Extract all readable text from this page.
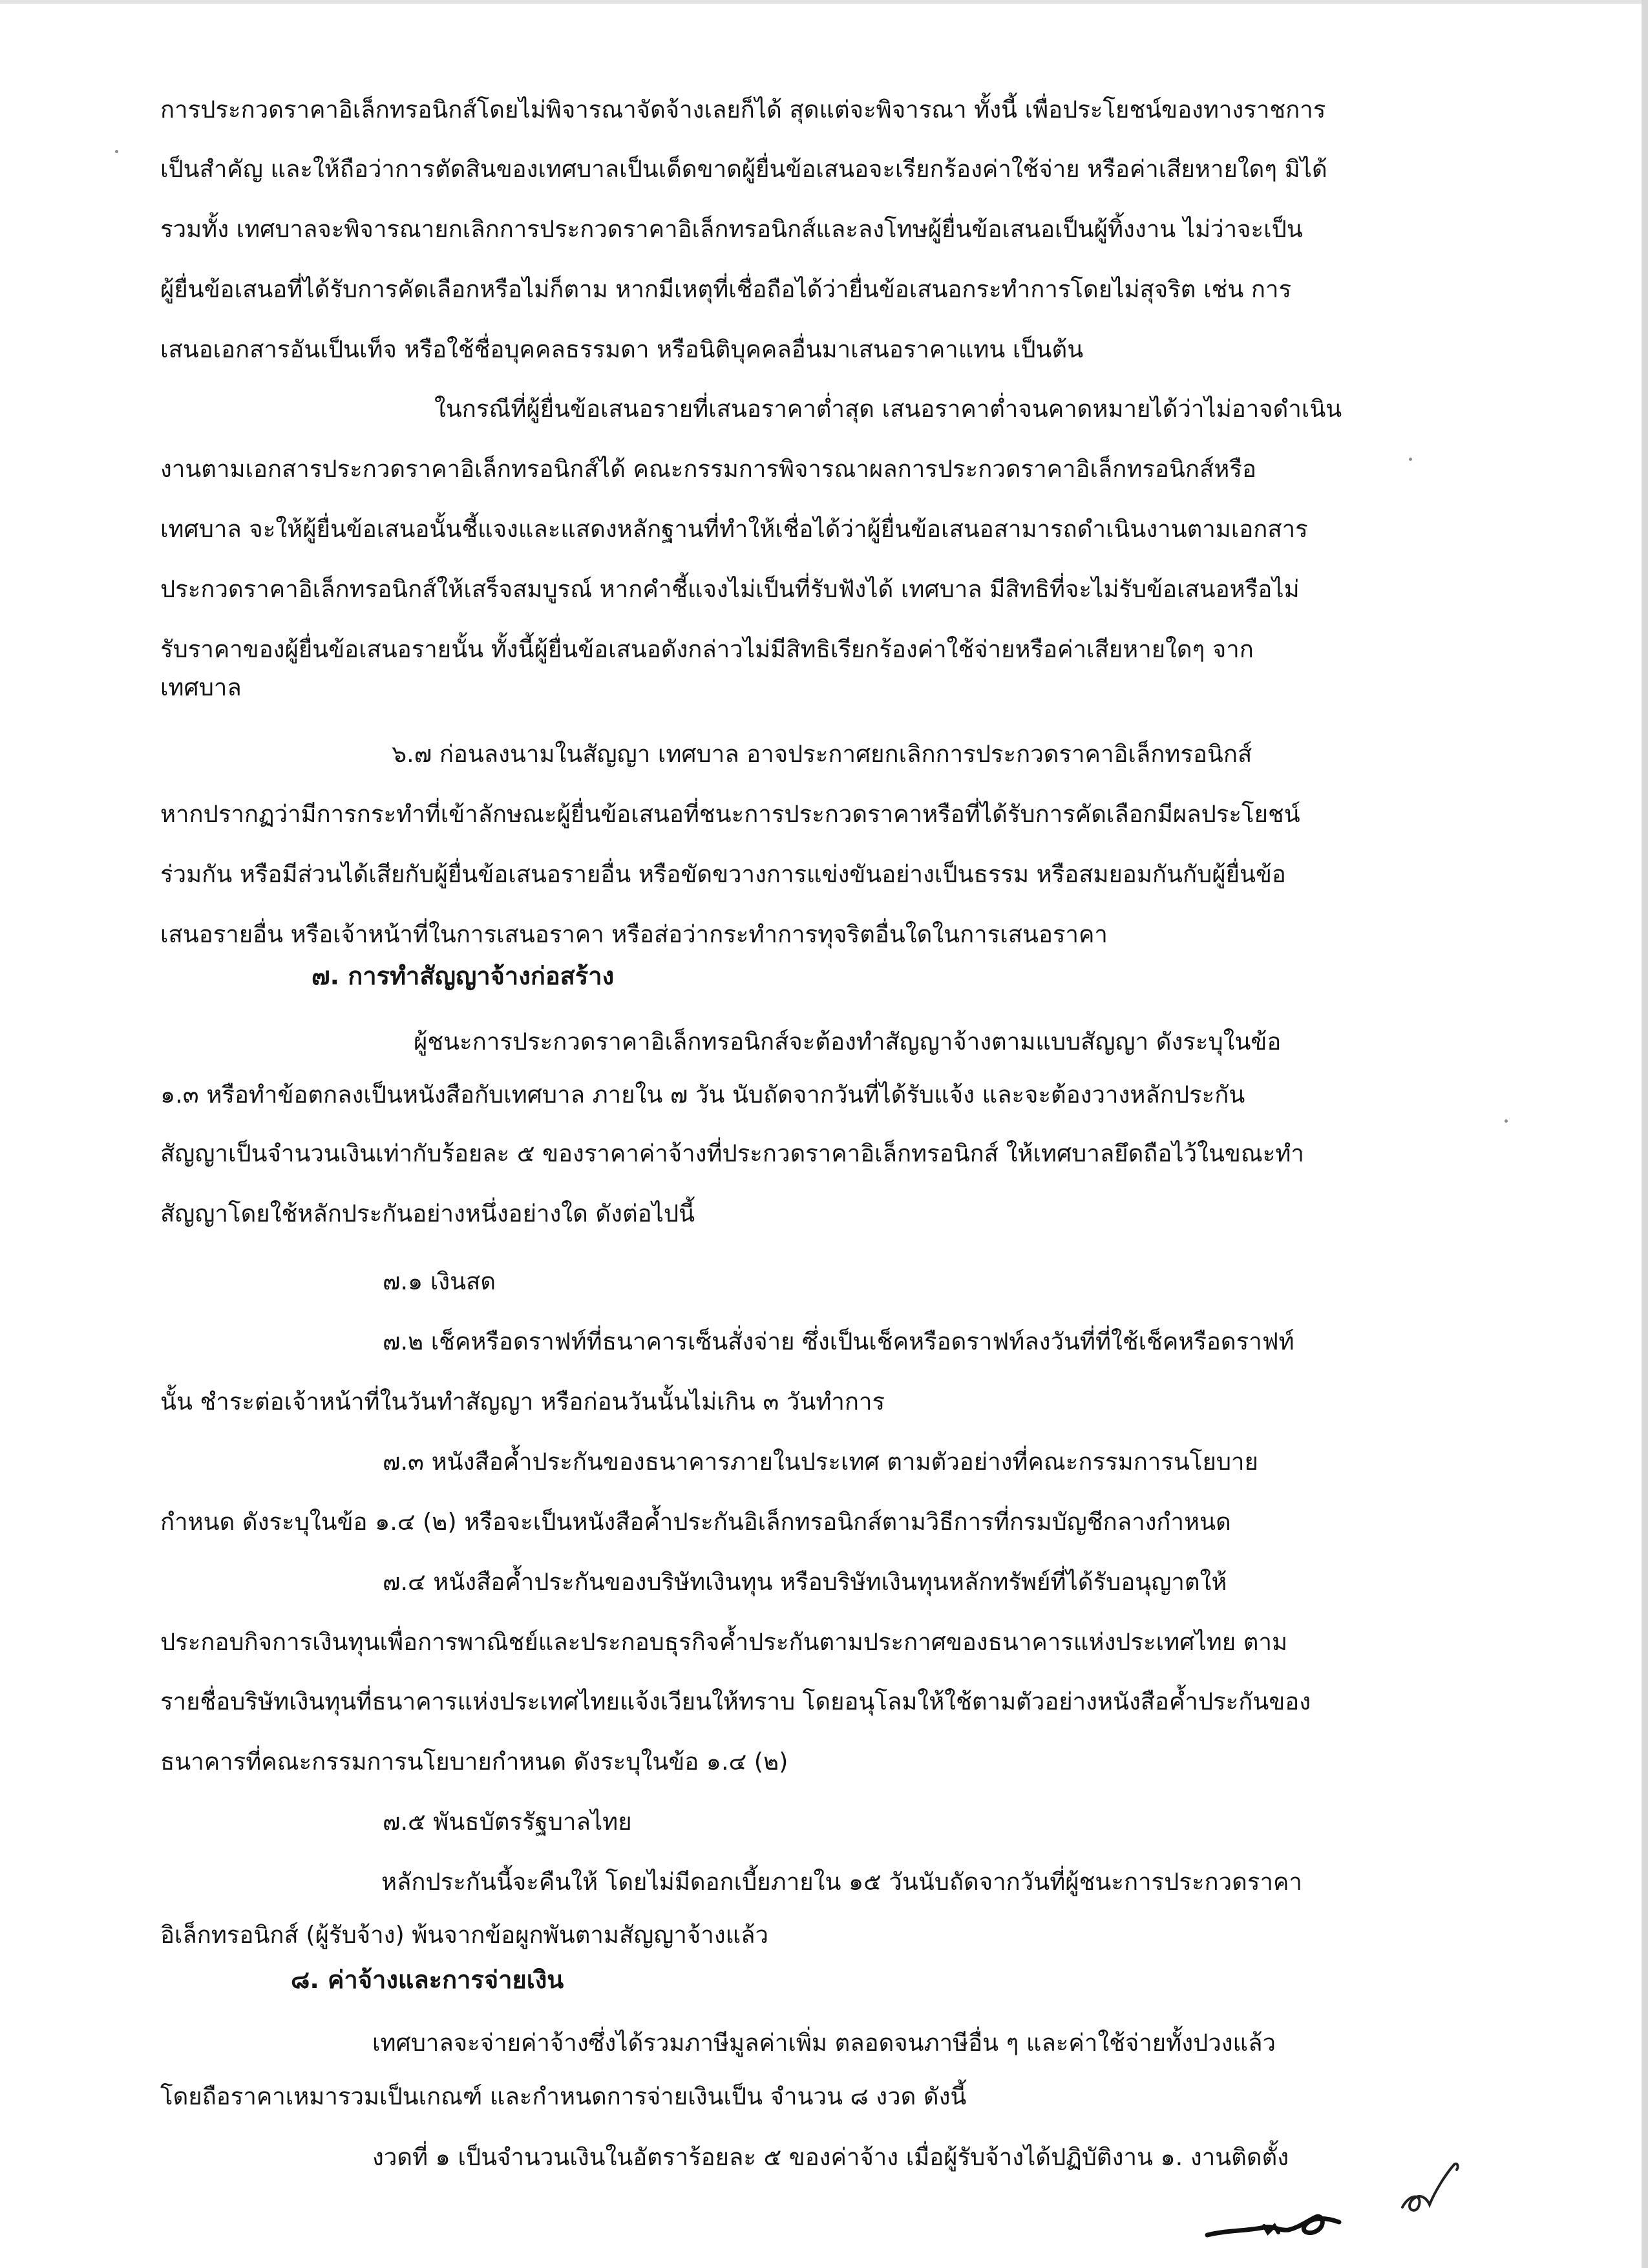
การประกวดราคาอิเล็กทรอนิกส์โดยไม่พิจารณาจัดจ้างเลยก็ได้ สุดแต่จะพิจารณา ทั้งนี้ เพื่อประโยชน์ของทางราชการ
เป็นสำคัญ และให้ถือว่าการตัดสินของเทศบาลเป็นเด็ดขาดผู้ยื่นข้อเสนอจะเรียกร้องค่าใช้จ่าย หรือค่าเสียหายใดๆ มิได้
รวมทั้ง เทศบาลจะพิจารณายกเลิกการประกวดราคาอิเล็กทรอนิกส์และลงโทษผู้ยื่นข้อเสนอเป็นผู้ทิ้งงาน ไม่ว่าจะเป็น
ผู้ยื่นข้อเสนอที่ได้รับการคัดเลือกหรือไม่ก็ตาม หากมีเหตุที่เชื่อถือได้ว่ายื่นข้อเสนอกระทำการโดยไม่สุจริต เช่น การ
เสนอเอกสารอันเป็นเท็จ หรือใช้ชื่อบุคคลธรรมดา หรือนิติบุคคลอื่นมาเสนอราคาแทน เป็นต้น
ในกรณีที่ผู้ยื่นข้อเสนอรายที่เสนอราคาต่ำสุด เสนอราคาต่ำจนคาดหมายได้ว่าไม่อาจดำเนิน
งานตามเอกสารประกวดราคาอิเล็กทรอนิกส์ได้ คณะกรรมการพิจารณาผลการประกวดราคาอิเล็กทรอนิกส์หรือ
เทศบาล จะให้ผู้ยื่นข้อเสนอนั้นชี้แจงและแสดงหลักฐานที่ทำให้เชื่อได้ว่าผู้ยื่นข้อเสนอสามารถดำเนินงานตามเอกสาร
ประกวดราคาอิเล็กทรอนิกส์ให้เสร็จสมบูรณ์ หากคำชี้แจงไม่เป็นที่รับฟังได้ เทศบาล มีสิทธิที่จะไม่รับข้อเสนอหรือไม่
รับราคาของผู้ยื่นข้อเสนอรายนั้น ทั้งนี้ผู้ยื่นข้อเสนอดังกล่าวไม่มีสิทธิเรียกร้องค่าใช้จ่ายหรือค่าเสียหายใดๆ จาก
เทศบาล
๖.๗ ก่อนลงนามในสัญญา เทศบาล อาจประกาศยกเลิกการประกวดราคาอิเล็กทรอนิกส์
หากปรากฏว่ามีการกระทำที่เข้าลักษณะผู้ยื่นข้อเสนอที่ชนะการประกวดราคาหรือที่ได้รับการคัดเลือกมีผลประโยชน์
ร่วมกัน หรือมีส่วนได้เสียกับผู้ยื่นข้อเสนอรายอื่น หรือขัดขวางการแข่งขันอย่างเป็นธรรม หรือสมยอมกันกับผู้ยื่นข้อ
เสนอรายอื่น หรือเจ้าหน้าที่ในการเสนอราคา หรือส่อว่ากระทำการทุจริตอื่นใดในการเสนอราคา
๗. การทำสัญญาจ้างก่อสร้าง
ผู้ชนะการประกวดราคาอิเล็กทรอนิกส์จะต้องทำสัญญาจ้างตามแบบสัญญา ดังระบุในข้อ
๑.๓ หรือทำข้อตกลงเป็นหนังสือกับเทศบาล ภายใน ๗ วัน นับถัดจากวันที่ได้รับแจ้ง และจะต้องวางหลักประกัน
สัญญาเป็นจำนวนเงินเท่ากับร้อยละ ๕ ของราคาค่าจ้างที่ประกวดราคาอิเล็กทรอนิกส์ ให้เทศบาลยึดถือไว้ในขณะทำ
สัญญาโดยใช้หลักประกันอย่างหนึ่งอย่างใด ดังต่อไปนี้
๗.๑ เงินสด
๗.๒ เช็คหรือดราฟท์ที่ธนาคารเซ็นสั่งจ่าย ซึ่งเป็นเช็คหรือดราฟท์ลงวันที่ที่ใช้เช็คหรือดราฟท์
นั้น ชำระต่อเจ้าหน้าที่ในวันทำสัญญา หรือก่อนวันนั้นไม่เกิน ๓ วันทำการ
๗.๓ หนังสือค้ำประกันของธนาคารภายในประเทศ ตามตัวอย่างที่คณะกรรมการนโยบาย
กำหนด ดังระบุในข้อ ๑.๔ (๒) หรือจะเป็นหนังสือค้ำประกันอิเล็กทรอนิกส์ตามวิธีการที่กรมบัญชีกลางกำหนด
๗.๔ หนังสือค้ำประกันของบริษัทเงินทุน หรือบริษัทเงินทุนหลักทรัพย์ที่ได้รับอนุญาตให้
ประกอบกิจการเงินทุนเพื่อการพาณิชย์และประกอบธุรกิจค้ำประกันตามประกาศของธนาคารแห่งประเทศไทย ตาม
รายชื่อบริษัทเงินทุนที่ธนาคารแห่งประเทศไทยแจ้งเวียนให้ทราบ โดยอนุโลมให้ใช้ตามตัวอย่างหนังสือค้ำประกันของ
ธนาคารที่คณะกรรมการนโยบายกำหนด ดังระบุในข้อ ๑.๔ (๒)
๗.๕ พันธบัตรรัฐบาลไทย
หลักประกันนี้จะคืนให้ โดยไม่มีดอกเบี้ยภายใน ๑๕ วันนับถัดจากวันที่ผู้ชนะการประกวดราคา
อิเล็กทรอนิกส์ (ผู้รับจ้าง) พ้นจากข้อผูกพันตามสัญญาจ้างแล้ว
๘. ค่าจ้างและการจ่ายเงิน
เทศบาลจะจ่ายค่าจ้างซึ่งได้รวมภาษีมูลค่าเพิ่ม ตลอดจนภาษีอื่น ๆ และค่าใช้จ่ายทั้งปวงแล้ว
โดยถือราคาเหมารวมเป็นเกณฑ์ และกำหนดการจ่ายเงินเป็น จำนวน ๘ งวด ดังนี้
งวดที่ ๑ เป็นจำนวนเงินในอัตราร้อยละ ๕ ของค่าจ้าง เมื่อผู้รับจ้างได้ปฏิบัติงาน ๑. งานติดตั้ง
